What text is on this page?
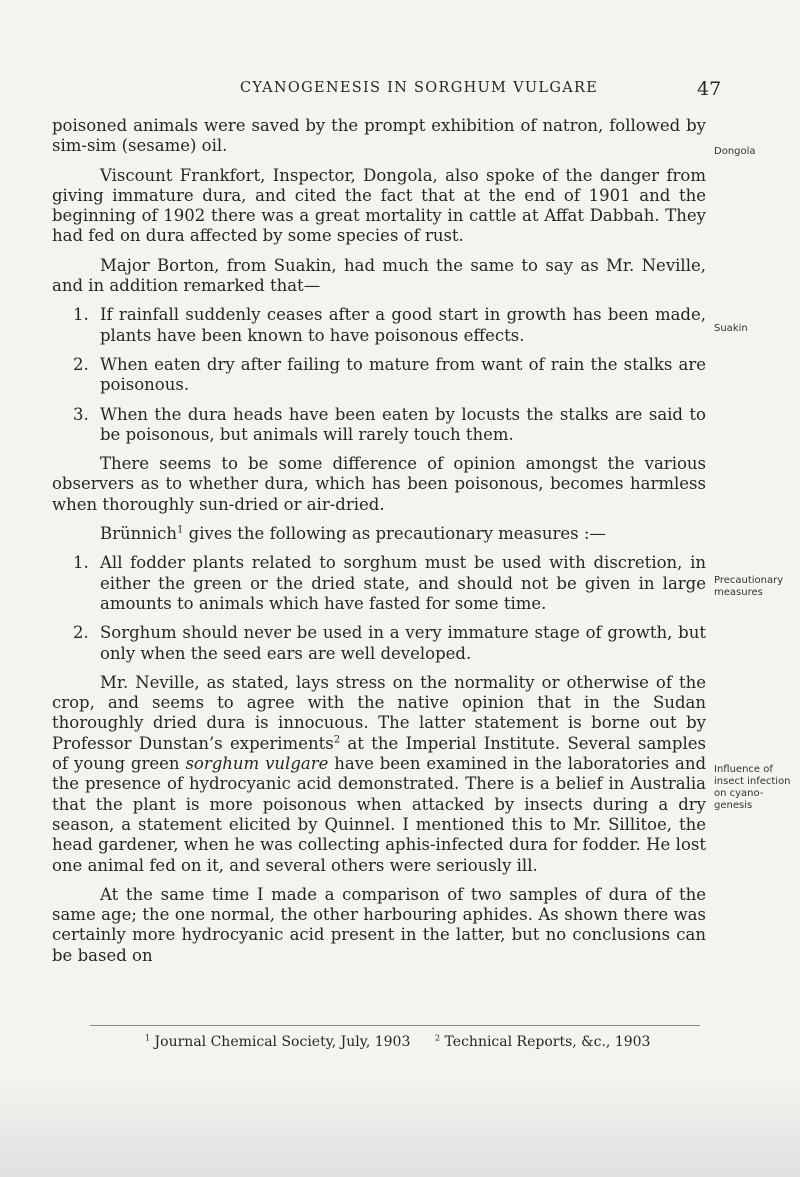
CYANOGENESIS IN SORGHUM VULGARE	47

poisoned animals were saved by the prompt exhibition of natron, followed by sim-sim (sesame) oil.

Viscount Frankfort, Inspector, Dongola, also spoke of the danger from giving immature dura, and cited the fact that at the end of 1901 and the beginning of 1902 there was a great mortality in cattle at Affat Dabbah. They had fed on dura affected by some species of rust.

Major Borton, from Suakin, had much the same to say as Mr. Neville, and in addition remarked that—

1. If rainfall suddenly ceases after a good start in growth has been made, plants have been known to have poisonous effects.

2. When eaten dry after failing to mature from want of rain the stalks are poisonous.

3. When the dura heads have been eaten by locusts the stalks are said to be poisonous, but animals will rarely touch them.

There seems to be some difference of opinion amongst the various observers as to whether dura, which has been poisonous, becomes harmless when thoroughly sun-dried or air-dried.

Brünnich$^1$ gives the following as precautionary measures :—

1. All fodder plants related to sorghum must be used with discretion, in either the green or the dried state, and should not be given in large amounts to animals which have fasted for some time.

2. Sorghum should never be used in a very immature stage of growth, but only when the seed ears are well developed.

Mr. Neville, as stated, lays stress on the normality or otherwise of the crop, and seems to agree with the native opinion that in the Sudan thoroughly dried dura is innocuous. The latter statement is borne out by Professor Dunstan’s experiments$^2$ at the Imperial Institute. Several samples of young green sorghum vulgare have been examined in the laboratories and the presence of hydrocyanic acid demonstrated. There is a belief in Australia that the plant is more poisonous when attacked by insects during a dry season, a statement elicited by Quinnel. I mentioned this to Mr. Sillitoe, the head gardener, when he was collecting aphis-infected dura for fodder. He lost one animal fed on it, and several others were seriously ill.

At the same time I made a comparison of two samples of dura of the same age; the one normal, the other harbouring aphides. As shown there was certainly more hydrocyanic acid present in the latter, but no conclusions can be based on

Dongola
Suakin
Precautionary measures
Influence of insect infection on cyano-genesis
$^1$ Journal Chemical Society, July, 1903	$^2$ Technical Reports, &c., 1903
